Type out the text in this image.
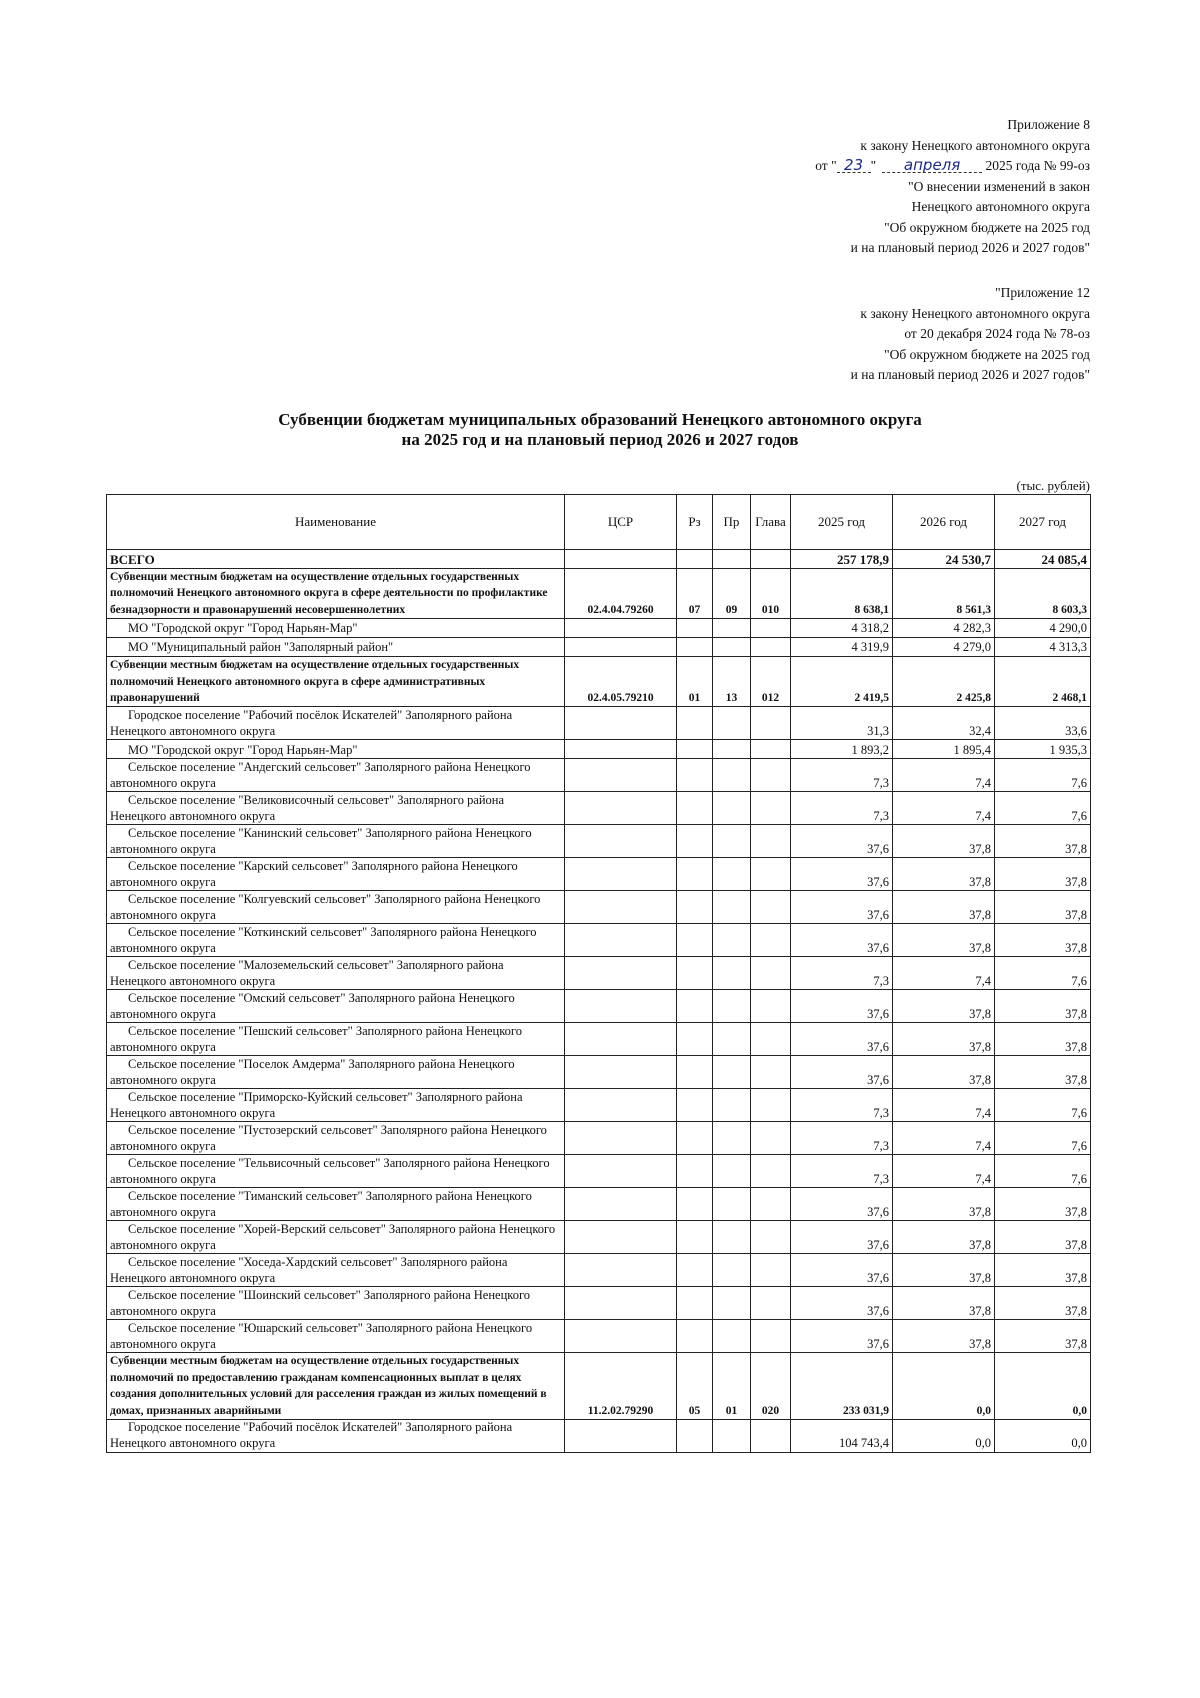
Приложение 8
к закону Ненецкого автономного округа
от " 23 " апреля 2025 года № 99-оз
"О внесении изменений в закон
Ненецкого автономного округа
"Об окружном бюджете на 2025 год
и на плановый период 2026 и 2027 годов"
"Приложение 12
к закону Ненецкого автономного округа
от 20 декабря 2024 года № 78-оз
"Об окружном бюджете на 2025 год
и на плановый период 2026 и 2027 годов"
Субвенции бюджетам муниципальных образований Ненецкого автономного округа
на 2025 год и на плановый период 2026 и 2027 годов
(тыс. рублей)
Наименование	ЦСР	Рз	Пр	Глава	2025 год	2026 год	2027 год
ВСЕГО					257 178,9	24 530,7	24 085,4
Субвенции местным бюджетам на осуществление отдельных государственных полномочий Ненецкого автономного округа в сфере деятельности по профилактике безнадзорности и правонарушений несовершеннолетних	02.4.04.79260	07	09	010	8 638,1	8 561,3	8 603,3
МО "Городской округ "Город Нарьян-Мар"					4 318,2	4 282,3	4 290,0
МО "Муниципальный район "Заполярный район"					4 319,9	4 279,0	4 313,3
Субвенции местным бюджетам на осуществление отдельных государственных полномочий Ненецкого автономного округа в сфере административных правонарушений	02.4.05.79210	01	13	012	2 419,5	2 425,8	2 468,1
Городское поселение "Рабочий посёлок Искателей" Заполярного района Ненецкого автономного округа					31,3	32,4	33,6
МО "Городской округ "Город Нарьян-Мар"					1 893,2	1 895,4	1 935,3
Сельское поселение "Андегский сельсовет" Заполярного района Ненецкого автономного округа					7,3	7,4	7,6
Сельское поселение "Великовисочный сельсовет" Заполярного района Ненецкого автономного округа					7,3	7,4	7,6
Сельское поселение "Канинский сельсовет" Заполярного района Ненецкого автономного округа					37,6	37,8	37,8
Сельское поселение "Карский сельсовет" Заполярного района Ненецкого автономного округа					37,6	37,8	37,8
Сельское поселение "Колгуевский сельсовет" Заполярного района Ненецкого автономного округа					37,6	37,8	37,8
Сельское поселение "Коткинский сельсовет" Заполярного района Ненецкого автономного округа					37,6	37,8	37,8
Сельское поселение "Малоземельский сельсовет" Заполярного района Ненецкого автономного округа					7,3	7,4	7,6
Сельское поселение "Омский сельсовет" Заполярного района Ненецкого автономного округа					37,6	37,8	37,8
Сельское поселение "Пешский сельсовет" Заполярного района Ненецкого автономного округа					37,6	37,8	37,8
Сельское поселение "Поселок Амдерма" Заполярного района Ненецкого автономного округа					37,6	37,8	37,8
Сельское поселение "Приморско-Куйский сельсовет" Заполярного района Ненецкого автономного округа					7,3	7,4	7,6
Сельское поселение "Пустозерский сельсовет" Заполярного района Ненецкого автономного округа					7,3	7,4	7,6
Сельское поселение "Тельвисочный сельсовет" Заполярного района Ненецкого автономного округа					7,3	7,4	7,6
Сельское поселение "Тиманский сельсовет" Заполярного района Ненецкого автономного округа					37,6	37,8	37,8
Сельское поселение "Хорей-Верский сельсовет" Заполярного района Ненецкого автономного округа					37,6	37,8	37,8
Сельское поселение "Хоседа-Хардский сельсовет" Заполярного района Ненецкого автономного округа					37,6	37,8	37,8
Сельское поселение "Шоинский сельсовет" Заполярного района Ненецкого автономного округа					37,6	37,8	37,8
Сельское поселение "Юшарский сельсовет" Заполярного района Ненецкого автономного округа					37,6	37,8	37,8
Субвенции местным бюджетам на осуществление отдельных государственных полномочий по предоставлению гражданам компенсационных выплат в целях создания дополнительных условий для расселения граждан из жилых помещений в домах, признанных аварийными	11.2.02.79290	05	01	020	233 031,9	0,0	0,0
Городское поселение "Рабочий посёлок Искателей" Заполярного района Ненецкого автономного округа					104 743,4	0,0	0,0
